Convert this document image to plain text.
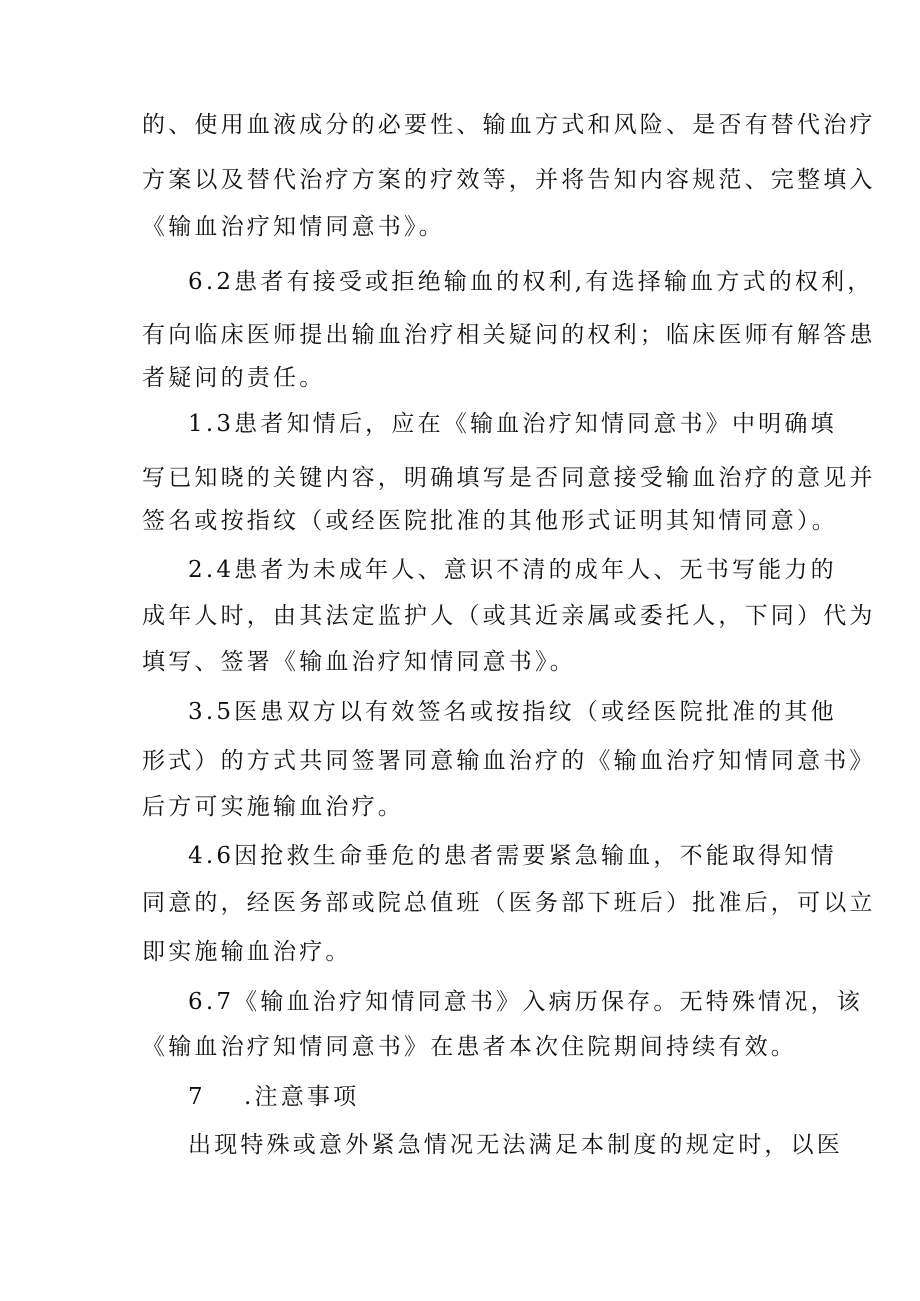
的、使用血液成分的必要性、输血方式和风险、是否有替代治疗
方案以及替代治疗方案的疗效等，并将告知内容规范、完整填入
《输血治疗知情同意书》。
6.2患者有接受或拒绝输血的权利,有选择输血方式的权利，
有向临床医师提出输血治疗相关疑问的权利；临床医师有解答患
者疑问的责任。
1.3患者知情后，应在《输血治疗知情同意书》中明确填
写已知晓的关键内容，明确填写是否同意接受输血治疗的意见并
签名或按指纹（或经医院批准的其他形式证明其知情同意）。
2.4患者为未成年人、意识不清的成年人、无书写能力的
成年人时，由其法定监护人（或其近亲属或委托人，下同）代为
填写、签署《输血治疗知情同意书》。
3.5医患双方以有效签名或按指纹（或经医院批准的其他
形式）的方式共同签署同意输血治疗的《输血治疗知情同意书》
后方可实施输血治疗。
4.6因抢救生命垂危的患者需要紧急输血，不能取得知情
同意的，经医务部或院总值班（医务部下班后）批准后，可以立
即实施输血治疗。
6.7《输血治疗知情同意书》入病历保存。无特殊情况，该
《输血治疗知情同意书》在患者本次住院期间持续有效。
7 .注意事项
出现特殊或意外紧急情况无法满足本制度的规定时，以医
